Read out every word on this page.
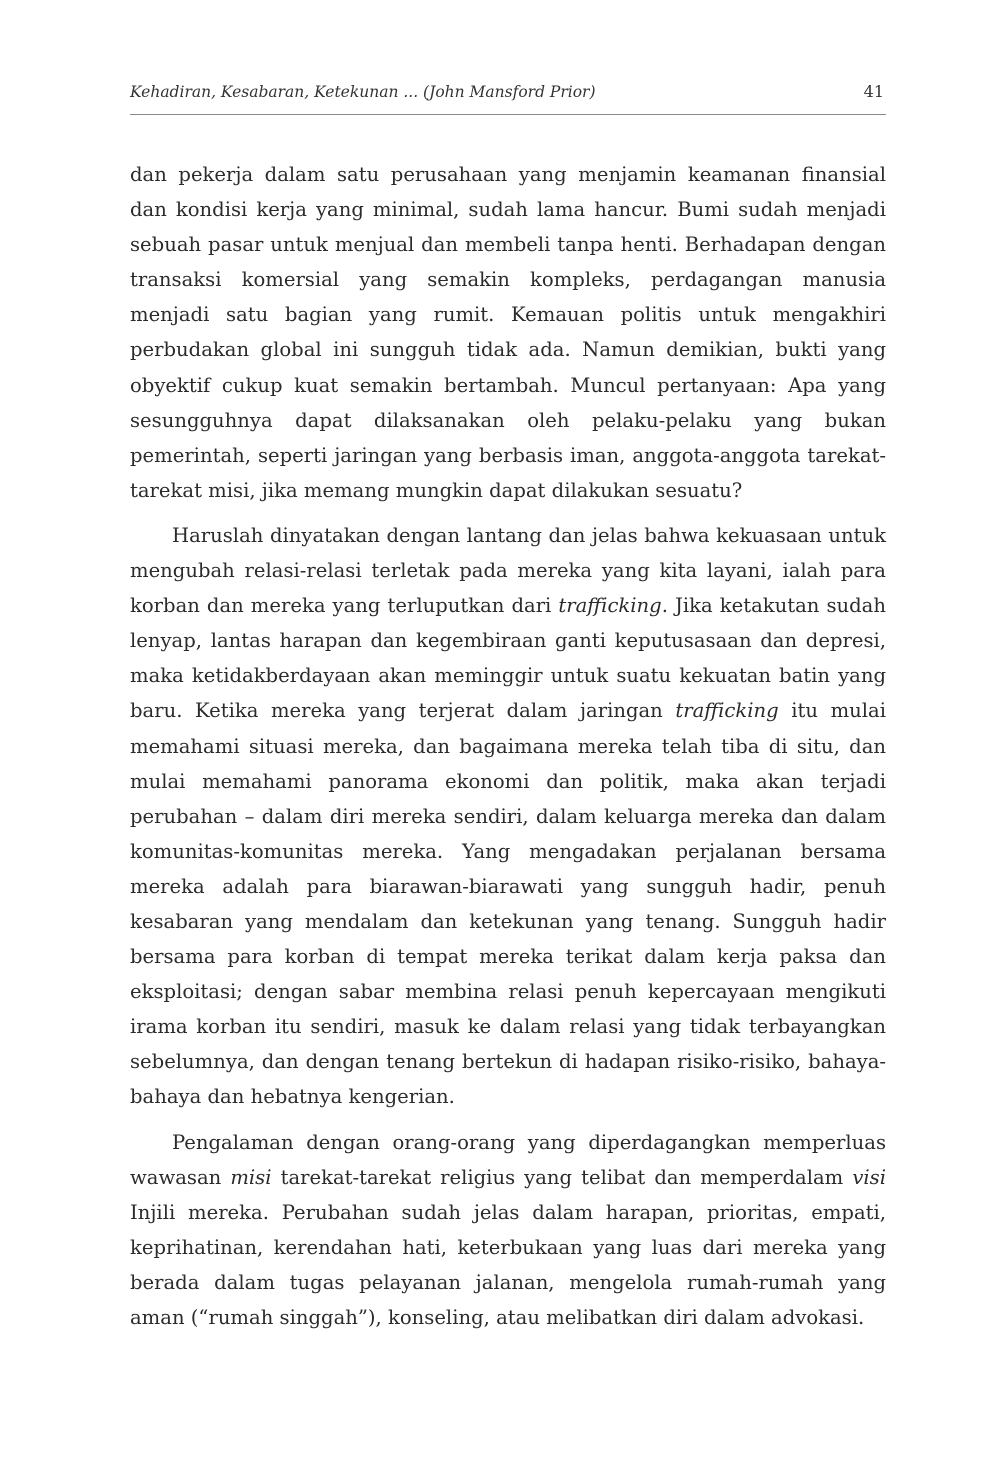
Kehadiran, Kesabaran, Ketekunan ... (John Mansford Prior)	41

dan pekerja dalam satu perusahaan yang menjamin keamanan finansial dan kondisi kerja yang minimal, sudah lama hancur. Bumi sudah menjadi sebuah pasar untuk menjual dan membeli tanpa henti. Berhadapan dengan transaksi komersial yang semakin kompleks, perdagangan manusia menjadi satu bagian yang rumit. Kemauan politis untuk mengakhiri perbudakan global ini sungguh tidak ada. Namun demikian, bukti yang obyektif cukup kuat semakin bertambah. Muncul pertanyaan: Apa yang sesungguhnya dapat dilaksanakan oleh pelaku-pelaku yang bukan pemerintah, seperti jaringan yang berbasis iman, anggota-anggota tarekat-tarekat misi, jika memang mungkin dapat dilakukan sesuatu?

Haruslah dinyatakan dengan lantang dan jelas bahwa kekuasaan untuk mengubah relasi-relasi terletak pada mereka yang kita layani, ialah para korban dan mereka yang terluputkan dari trafficking. Jika ketakutan sudah lenyap, lantas harapan dan kegembiraan ganti keputusasaan dan depresi, maka ketidakberdayaan akan meminggir untuk suatu kekuatan batin yang baru. Ketika mereka yang terjerat dalam jaringan trafficking itu mulai memahami situasi mereka, dan bagaimana mereka telah tiba di situ, dan mulai memahami panorama ekonomi dan politik, maka akan terjadi perubahan – dalam diri mereka sendiri, dalam keluarga mereka dan dalam komunitas-komunitas mereka. Yang mengadakan perjalanan bersama mereka adalah para biarawan-biarawati yang sungguh hadir, penuh kesabaran yang mendalam dan ketekunan yang tenang. Sungguh hadir bersama para korban di tempat mereka terikat dalam kerja paksa dan eksploitasi; dengan sabar membina relasi penuh kepercayaan mengikuti irama korban itu sendiri, masuk ke dalam relasi yang tidak terbayangkan sebelumnya, dan dengan tenang bertekun di hadapan risiko-risiko, bahaya-bahaya dan hebatnya kengerian.

Pengalaman dengan orang-orang yang diperdagangkan memperluas wawasan misi tarekat-tarekat religius yang telibat dan memperdalam visi Injili mereka. Perubahan sudah jelas dalam harapan, prioritas, empati, keprihatinan, kerendahan hati, keterbukaan yang luas dari mereka yang berada dalam tugas pelayanan jalanan, mengelola rumah-rumah yang aman (“rumah singgah”), konseling, atau melibatkan diri dalam advokasi.
